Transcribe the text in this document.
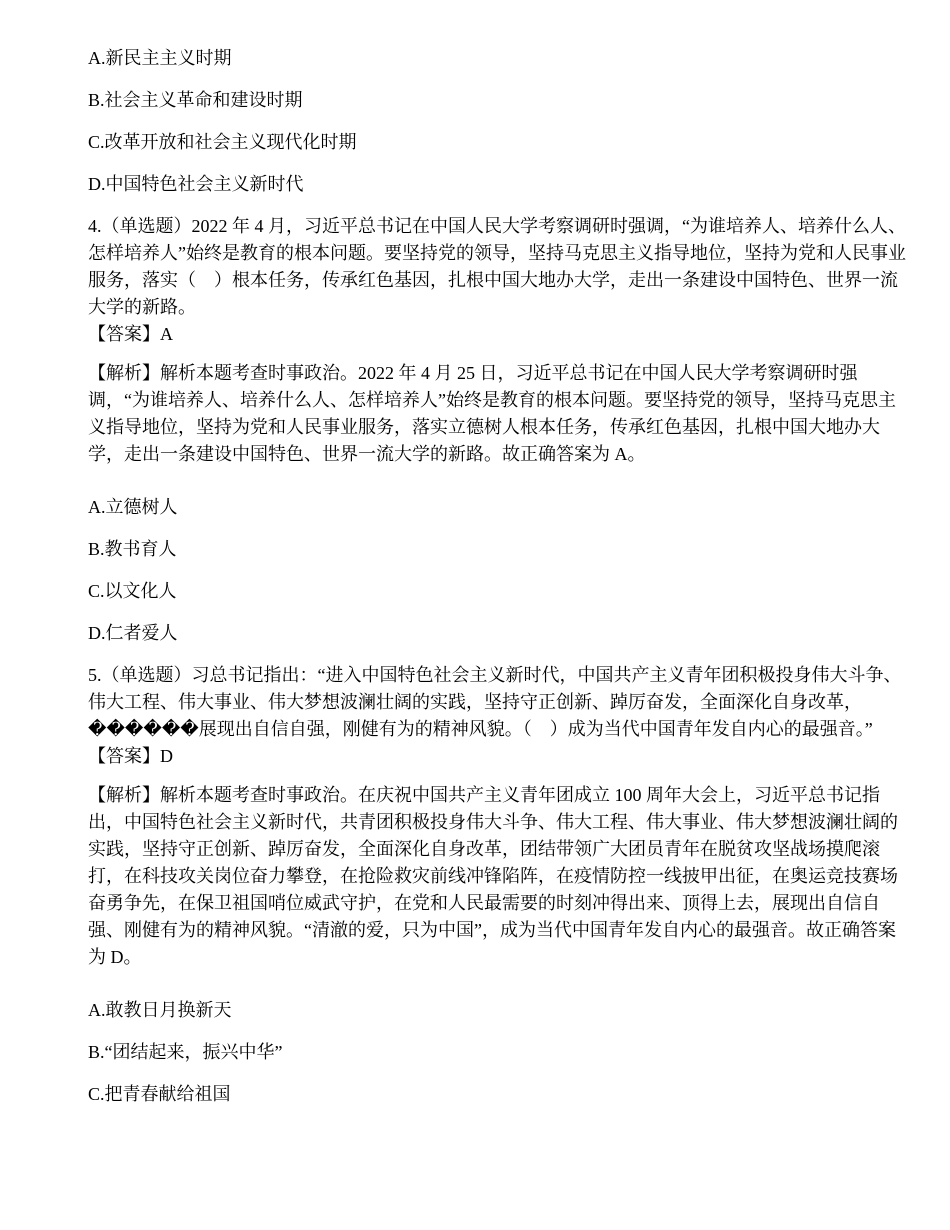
A.新民主主义时期

B.社会主义革命和建设时期

C.改革开放和社会主义现代化时期

D.中国特色社会主义新时代

4.（单选题）2022 年 4 月，习近平总书记在中国人民大学考察调研时强调，“为谁培养人、培养什么人、怎样培养人”始终是教育的根本问题。要坚持党的领导，坚持马克思主义指导地位，坚持为党和人民事业服务，落实（　）根本任务，传承红色基因，扎根中国大地办大学，走出一条建设中国特色、世界一流大学的新路。

【答案】A

【解析】解析本题考查时事政治。2022 年 4 月 25 日，习近平总书记在中国人民大学考察调研时强调，“为谁培养人、培养什么人、怎样培养人”始终是教育的根本问题。要坚持党的领导，坚持马克思主义指导地位，坚持为党和人民事业服务，落实立德树人根本任务，传承红色基因，扎根中国大地办大学，走出一条建设中国特色、世界一流大学的新路。故正确答案为 A。

A.立德树人

B.教书育人

C.以文化人

D.仁者爱人

5.（单选题）习总书记指出：“进入中国特色社会主义新时代，中国共产主义青年团积极投身伟大斗争、伟大工程、伟大事业、伟大梦想波澜壮阔的实践，坚持守正创新、踔厉奋发，全面深化自身改革，������展现出自信自强，刚健有为的精神风貌。（　）成为当代中国青年发自内心的最强音。”

【答案】D

【解析】解析本题考查时事政治。在庆祝中国共产主义青年团成立 100 周年大会上，习近平总书记指出，中国特色社会主义新时代，共青团积极投身伟大斗争、伟大工程、伟大事业、伟大梦想波澜壮阔的实践，坚持守正创新、踔厉奋发，全面深化自身改革，团结带领广大团员青年在脱贫攻坚战场摸爬滚打，在科技攻关岗位奋力攀登，在抢险救灾前线冲锋陷阵，在疫情防控一线披甲出征，在奥运竞技赛场奋勇争先，在保卫祖国哨位威武守护，在党和人民最需要的时刻冲得出来、顶得上去，展现出自信自强、刚健有为的精神风貌。“清澈的爱，只为中国”，成为当代中国青年发自内心的最强音。故正确答案为 D。

A.敢教日月换新天

B.“团结起来，振兴中华”

C.把青春献给祖国
